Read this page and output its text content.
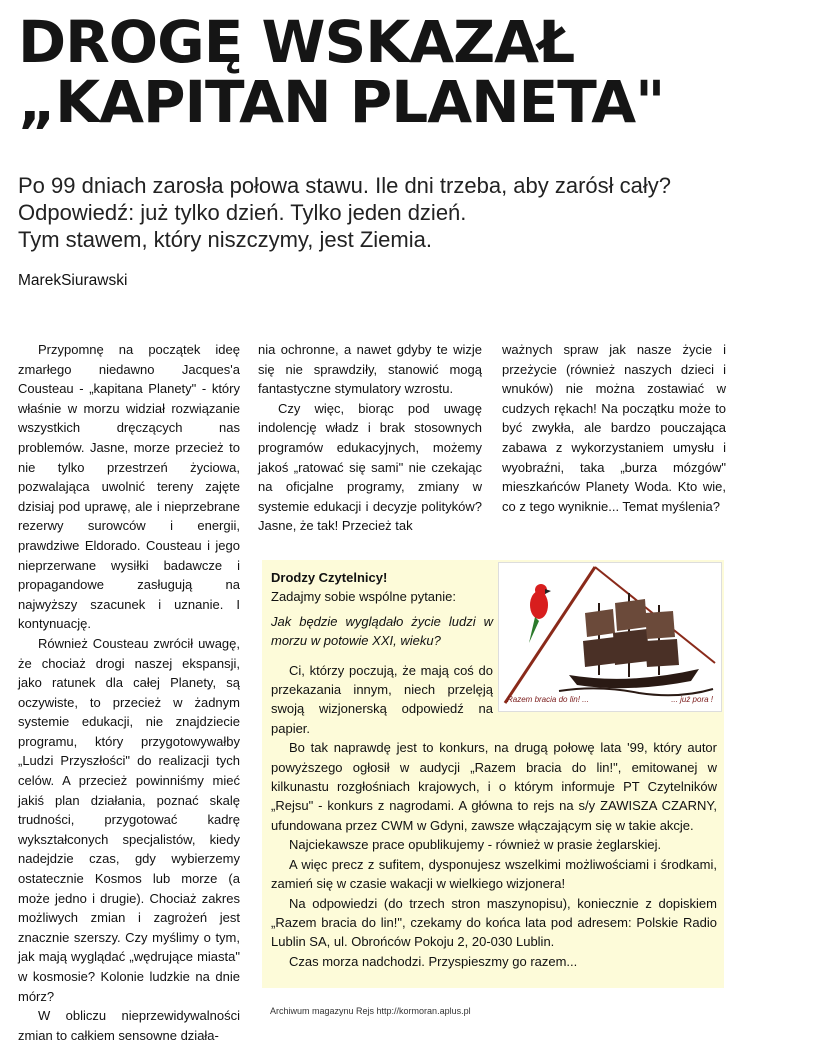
DROGĘ WSKAZAŁ
„KAPITAN PLANETA"
Po 99 dniach zarosła połowa stawu. Ile dni trzeba, aby zarósł cały?
Odpowiedź: już tylko dzień. Tylko jeden dzień.
Tym stawem, który niszczymy, jest Ziemia.
MarekSiurawski

Przypomnę na początek ideę zmarłego niedawno Jacques'a Cousteau - „kapitana Planety" - który właśnie w morzu widział rozwiązanie wszystkich dręczących nas problemów. Jasne, morze przecież to nie tylko przestrzeń życiowa, pozwalająca uwolnić tereny zajęte dzisiaj pod uprawę, ale i nieprzebrane rezerwy surowców i energii, prawdziwe Eldorado. Cousteau i jego nieprzerwane wysiłki badawcze i propagandowe zasługują na najwyższy szacunek i uznanie. I kontynuację.

Również Cousteau zwrócił uwagę, że chociaż drogi naszej ekspansji, jako ratunek dla całej Planety, są oczywiste, to przecież w żadnym systemie edukacji, nie znajdziecie programu, który przygotowywałby „Ludzi Przyszłości" do realizacji tych celów. A przecież powinniśmy mieć jakiś plan działania, poznać skalę trudności, przygotować kadrę wykształconych specjalistów, kiedy nadejdzie czas, gdy wybierzemy ostatecznie Kosmos lub morze (a może jedno i drugie). Chociaż zakres możliwych zmian i zagrożeń jest znacznie szerszy. Czy myślimy o tym, jak mają wyglądać „wędrujące miasta" w kosmosie? Kolonie ludzkie na dnie mórz?

W obliczu nieprzewidywalności zmian to całkiem sensowne działa-

nia ochronne, a nawet gdyby te wizje się nie sprawdziły, stanowić mogą fantastyczne stymulatory wzrostu.

Czy więc, biorąc pod uwagę indolencję władz i brak stosownych programów edukacyjnych, możemy jakoś „ratować się sami" nie czekając na oficjalne programy, zmiany w systemie edukacji i decyzje polityków? Jasne, że tak! Przecież tak

ważnych spraw jak nasze życie i przeżycie (również naszych dzieci i wnuków) nie można zostawiać w cudzych rękach! Na początku może to być zwykła, ale bardzo pouczająca zabawa z wykorzystaniem umysłu i wyobraźni, taka „burza mózgów" mieszkańców Planety Woda. Kto wie, co z tego wyniknie... Temat myślenia?

Drodzy Czytelnicy!
Zadajmy sobie wspólne pytanie:

Jak będzie wyglądało życie ludzi w morzu w potowie XXI, wieku?

Ci, którzy poczują, że mają coś do przekazania innym, niech przelęją swoją wizjonerską odpowiedź na papier.

Bo tak naprawdę jest to konkurs, na drugą połowę lata '99, który autor powyższego ogłosił w audycji „Razem bracia do lin!", emitowanej w kilkunastu rozgłośniach krajowych, i o którym informuje PT Czytelników „Rejsu" - konkurs z nagrodami. A główna to rejs na s/y ZAWISZA CZARNY, ufundowana przez CWM w Gdyni, zawsze włączającym się w takie akcje.

Najciekawsze prace opublikujemy - również w prasie żeglarskiej.

A więc precz z sufitem, dysponujesz wszelkimi możliwościami i środkami, zamień się w czasie wakacji w wielkiego wizjonera!

Na odpowiedzi (do trzech stron maszynopisu), koniecznie z dopiskiem „Razem bracia do lin!", czekamy do końca lata pod adresem: Polskie Radio Lublin SA, ul. Obrońców Pokoju 2, 20-030 Lublin.

Czas morza nadchodzi. Przyspieszmy go razem...

Razem bracia do lin! ...	... już pora !
Archiwum magazynu Rejs http://kormoran.aplus.pl
